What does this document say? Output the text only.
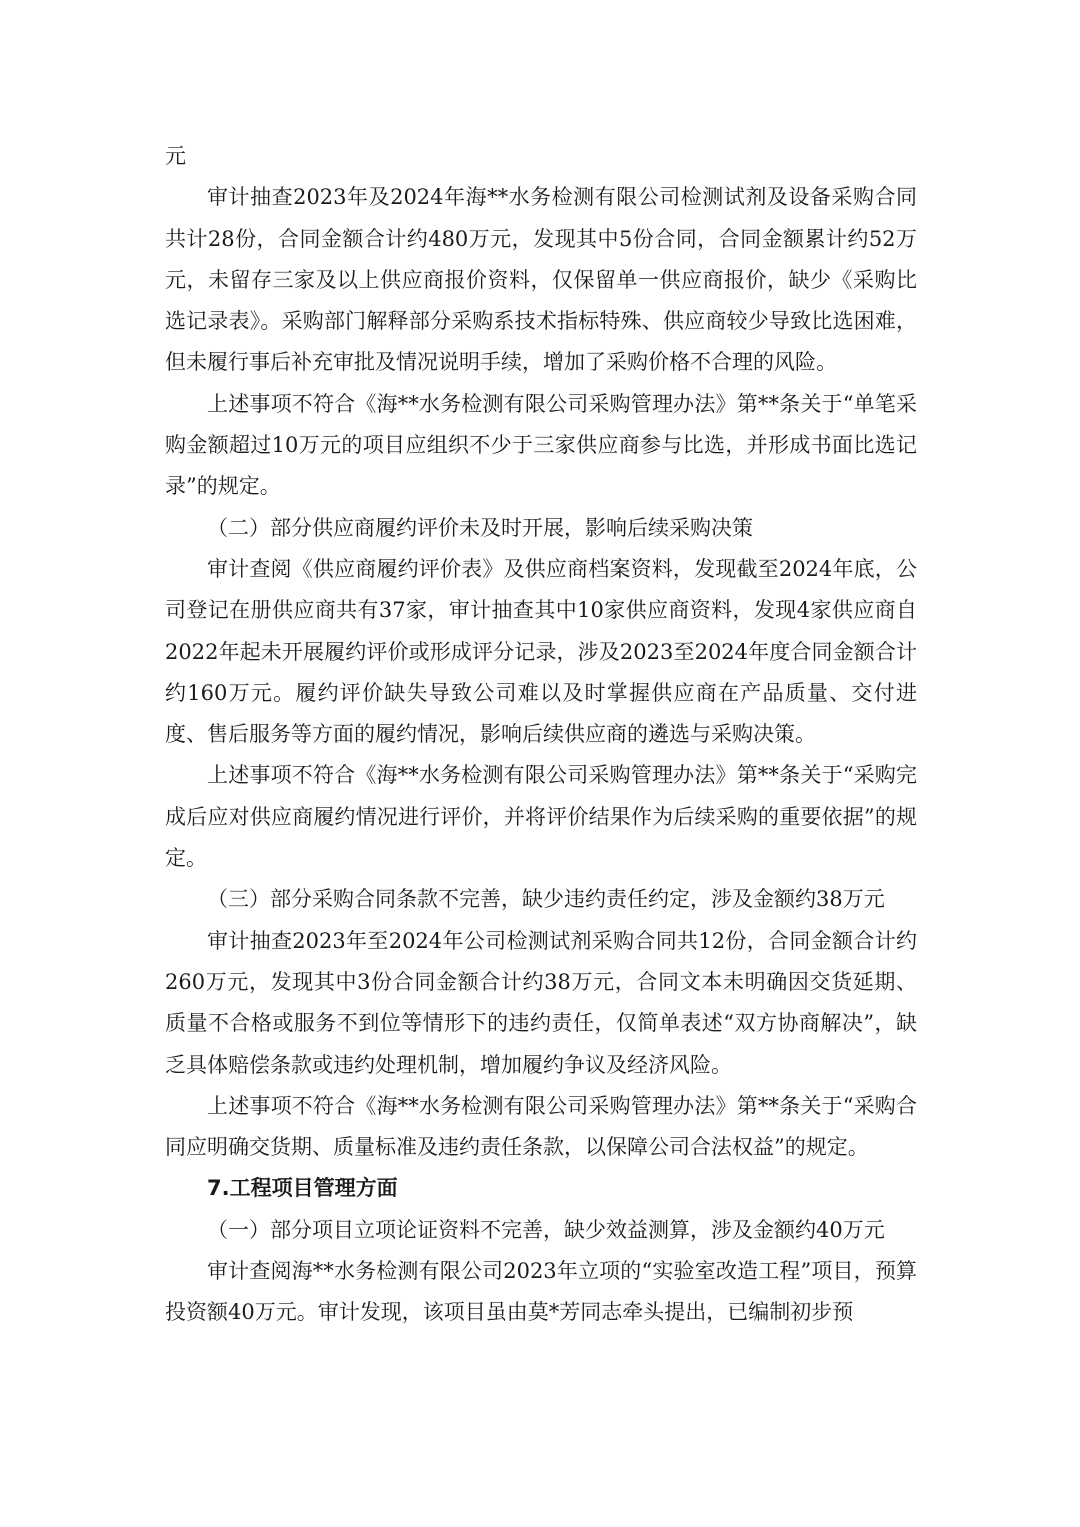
元

审计抽查2023年及2024年海**水务检测有限公司检测试剂及设备采购合同共计28份，合同金额合计约480万元，发现其中5份合同，合同金额累计约52万元，未留存三家及以上供应商报价资料，仅保留单一供应商报价，缺少《采购比选记录表》。采购部门解释部分采购系技术指标特殊、供应商较少导致比选困难，但未履行事后补充审批及情况说明手续，增加了采购价格不合理的风险。

上述事项不符合《海**水务检测有限公司采购管理办法》第**条关于“单笔采购金额超过10万元的项目应组织不少于三家供应商参与比选，并形成书面比选记录”的规定。

（二）部分供应商履约评价未及时开展，影响后续采购决策

审计查阅《供应商履约评价表》及供应商档案资料，发现截至2024年底，公司登记在册供应商共有37家，审计抽查其中10家供应商资料，发现4家供应商自2022年起未开展履约评价或形成评分记录，涉及2023至2024年度合同金额合计约160万元。履约评价缺失导致公司难以及时掌握供应商在产品质量、交付进度、售后服务等方面的履约情况，影响后续供应商的遴选与采购决策。

上述事项不符合《海**水务检测有限公司采购管理办法》第**条关于“采购完成后应对供应商履约情况进行评价，并将评价结果作为后续采购的重要依据”的规定。

（三）部分采购合同条款不完善，缺少违约责任约定，涉及金额约38万元

审计抽查2023年至2024年公司检测试剂采购合同共12份，合同金额合计约260万元，发现其中3份合同金额合计约38万元，合同文本未明确因交货延期、质量不合格或服务不到位等情形下的违约责任，仅简单表述“双方协商解决”，缺乏具体赔偿条款或违约处理机制，增加履约争议及经济风险。

上述事项不符合《海**水务检测有限公司采购管理办法》第**条关于“采购合同应明确交货期、质量标准及违约责任条款，以保障公司合法权益”的规定。

7.工程项目管理方面

（一）部分项目立项论证资料不完善，缺少效益测算，涉及金额约40万元

审计查阅海**水务检测有限公司2023年立项的“实验室改造工程”项目，预算投资额40万元。审计发现，该项目虽由莫*芳同志牵头提出，已编制初步预
